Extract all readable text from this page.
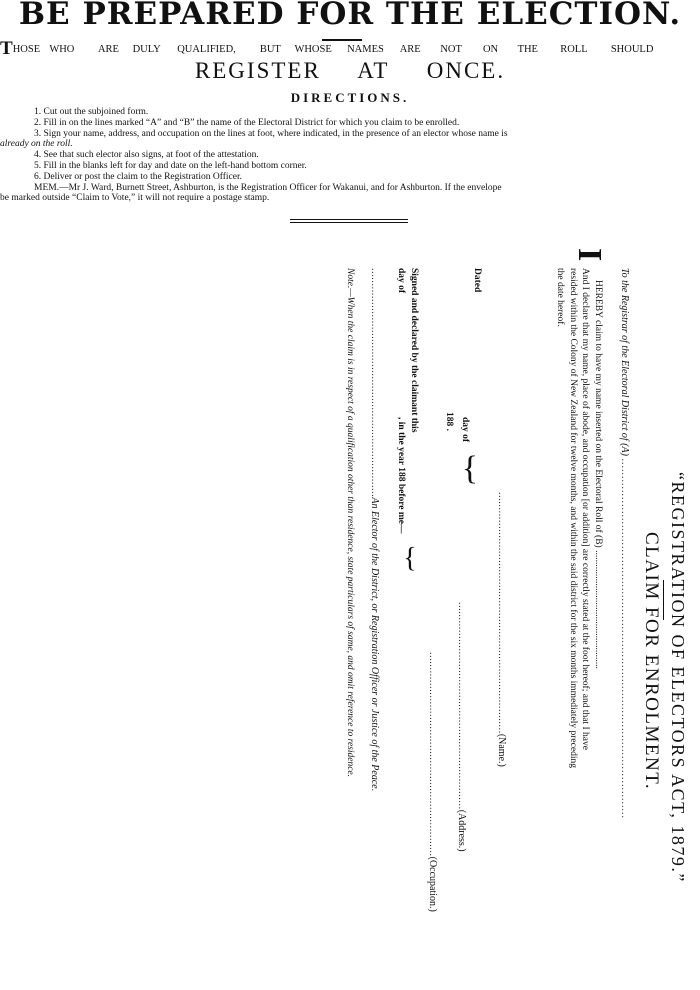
BE PREPARED FOR THE ELECTION.
THOSE WHO ARE DULY QUALIFIED, BUT WHOSE NAMES ARE NOT ON THE ROLL SHOULD
REGISTER AT ONCE.
DIRECTIONS.
1. Cut out the subjoined form.
2. Fill in on the lines marked “A” and “B” the name of the Electoral District for which you claim to be enrolled.
3. Sign your name, address, and occupation on the lines at foot, where indicated, in the presence of an elector whose name is
already on the roll.
4. See that such elector also signs, at foot of the attestation.
5. Fill in the blanks left for day and date on the left-hand bottom corner.
6. Deliver or post the claim to the Registration Officer.
MEM.—Mr J. Ward, Burnett Street, Ashburton, is the Registration Officer for Wakanui, and for Ashburton. If the envelope
be marked outside “Claim to Vote,” it will not require a postage stamp.
“REGISTRATION OF ELECTORS ACT, 1879.”
CLAIM FOR ENROLMENT.
To the Registrar of the Electoral District of (A) .......................................................................................................
I
HEREBY claim to have my name inserted on the Electoral Roll of (B) ..................................................
And I declare that my name, place of abode, and occupation [or addition] are correctly stated at the foot hereof; and that I have
resided within the Colony of New Zealand for twelve months, and within the said district for the six months immediately preceding
the date hereof.
..............................................................................(Name.)
Dated
day of
188 .
}
...................................................................(Address.)
..................................................................(Occupation.)
Signed and declared by the claimant this
day of
, in the year 188 before me—
}
..........................................................................An Elector of the District, or Registration Officer or Justice of the Peace.
Note.—When the claim is in respect of a qualification other than residence, state particulars of same, and omit reference to residence.
